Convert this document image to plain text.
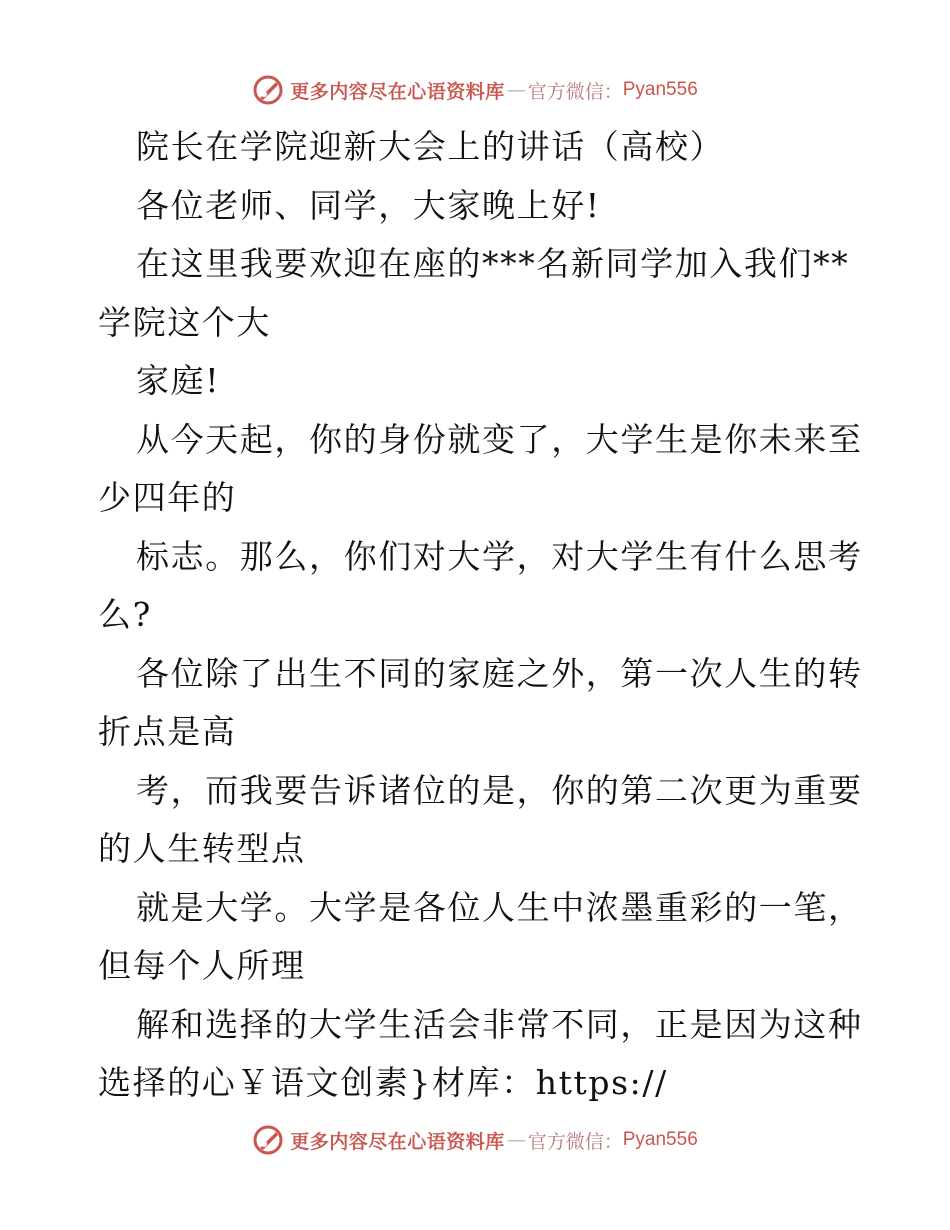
更多内容尽在心语资料库 — 官方微信： Pyan556
院长在学院迎新大会上的讲话（高校）
各位老师、同学，大家晚上好!
在这里我要欢迎在座的***名新同学加入我们**
学院这个大
家庭!
从今天起，你的身份就变了，大学生是你未来至
少四年的
标志。那么，你们对大学，对大学生有什么思考
么?
各位除了出生不同的家庭之外，第一次人生的转
折点是高
考，而我要告诉诸位的是，你的第二次更为重要
的人生转型点
就是大学。大学是各位人生中浓墨重彩的一笔，
但每个人所理
解和选择的大学生活会非常不同，正是因为这种
选择的心￥语文创素}材库：https://
更多内容尽在心语资料库 — 官方微信： Pyan556
